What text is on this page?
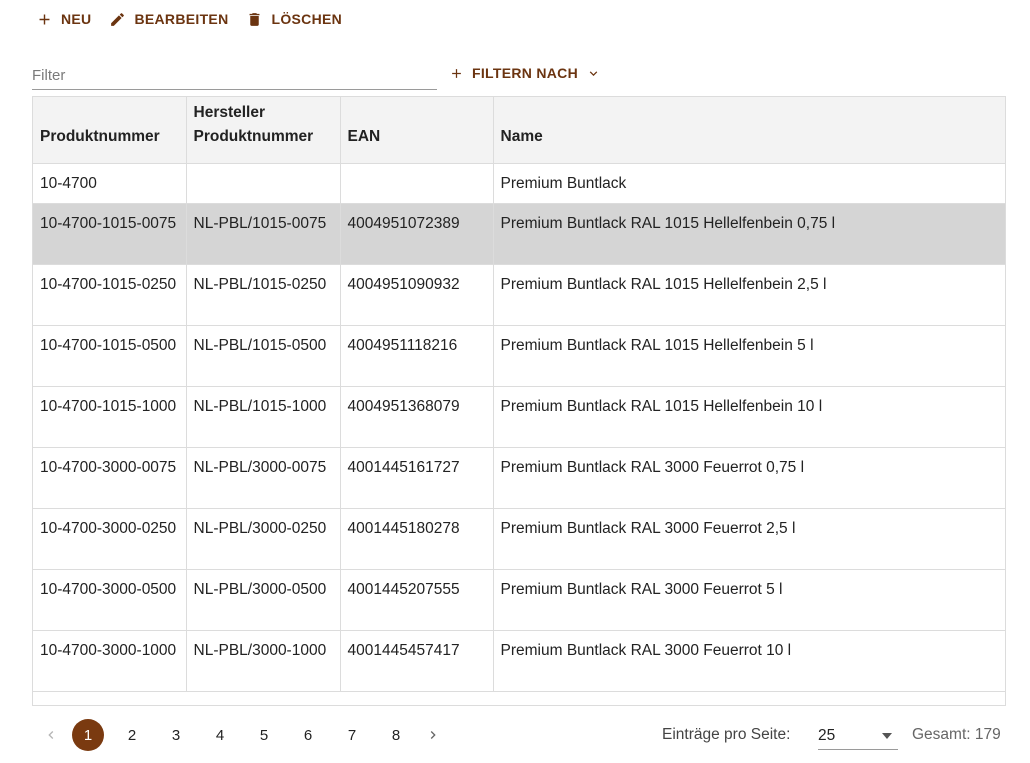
NEU	BEARBEITEN	LÖSCHEN
Filter
FILTERN NACH
Produktnummer	Hersteller Produktnummer	EAN	Name
10-4700			Premium Buntlack
10-4700-1015-0075	NL-PBL/1015-0075	4004951072389	Premium Buntlack RAL 1015 Hellelfenbein 0,75 l
10-4700-1015-0250	NL-PBL/1015-0250	4004951090932	Premium Buntlack RAL 1015 Hellelfenbein 2,5 l
10-4700-1015-0500	NL-PBL/1015-0500	4004951118216	Premium Buntlack RAL 1015 Hellelfenbein 5 l
10-4700-1015-1000	NL-PBL/1015-1000	4004951368079	Premium Buntlack RAL 1015 Hellelfenbein 10 l
10-4700-3000-0075	NL-PBL/3000-0075	4001445161727	Premium Buntlack RAL 3000 Feuerrot 0,75 l
10-4700-3000-0250	NL-PBL/3000-0250	4001445180278	Premium Buntlack RAL 3000 Feuerrot 2,5 l
10-4700-3000-0500	NL-PBL/3000-0500	4001445207555	Premium Buntlack RAL 3000 Feuerrot 5 l
10-4700-3000-1000	NL-PBL/3000-1000	4001445457417	Premium Buntlack RAL 3000 Feuerrot 10 l
1	2	3	4	5	6	7	8	Einträge pro Seite: 25	Gesamt: 179
